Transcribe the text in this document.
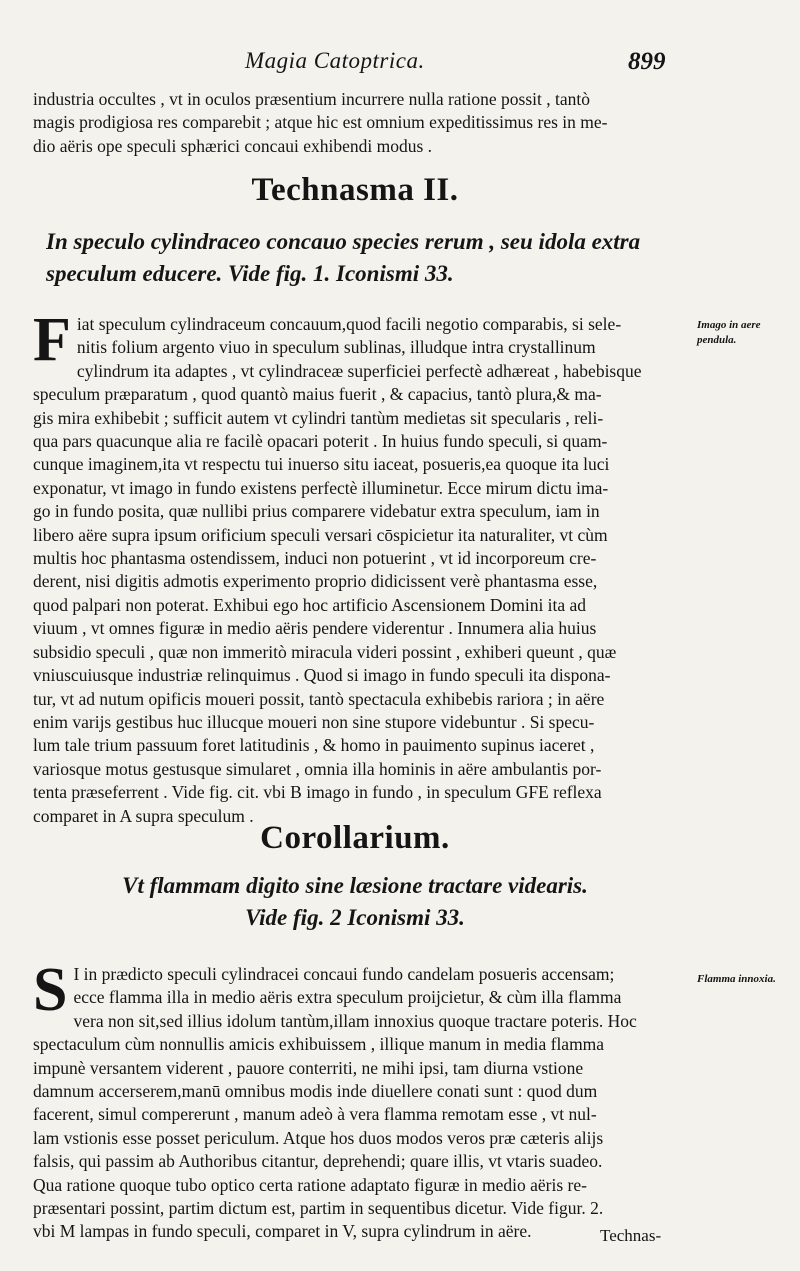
Magia Catoptrica.	899
industria occultes , vt in oculos præsentium incurrere nulla ratione possit , tantò
magis prodigiosa res comparebit ; atque hic est omnium expeditissimus res in me-
dio aëris ope speculi sphærici concaui exhibendi modus .
Technasma II.
In speculo cylindraceo concauo species rerum , seu idola extra
speculum educere. Vide fig. 1. Iconismi 33.
F iat speculum cylindraceum concauum,quod facili negotio comparabis, si sele-
nitis folium argento viuo in speculum sublinas, illudque intra crystallinum
cylindrum ita adaptes , vt cylindraceæ superficiei perfectè adhæreat , habebisque
speculum præparatum , quod quantò maius fuerit , & capacius, tantò plura,& ma-
gis mira exhibebit ; sufficit autem vt cylindri tantùm medietas sit specularis , reli-
qua pars quacunque alia re facilè opacari poterit . In huius fundo speculi, si quam-
cunque imaginem,ita vt respectu tui inuerso situ iaceat, posueris,ea quoque ita luci
exponatur, vt imago in fundo existens perfectè illuminetur. Ecce mirum dictu ima-
go in fundo posita, quæ nullibi prius comparere videbatur extra speculum, iam in
libero aëre supra ipsum orificium speculi versari cōspicietur ita naturaliter, vt cùm
multis hoc phantasma ostendissem, induci non potuerint , vt id incorporeum cre-
derent, nisi digitis admotis experimento proprio didicissent verè phantasma esse,
quod palpari non poterat. Exhibui ego hoc artificio Ascensionem Domini ita ad
viuum , vt omnes figuræ in medio aëris pendere viderentur . Innumera alia huius
subsidio speculi , quæ non immeritò miracula videri possint , exhiberi queunt , quæ
vniuscuiusque industriæ relinquimus . Quod si imago in fundo speculi ita dispona-
tur, vt ad nutum opificis moueri possit, tantò spectacula exhibebis rariora ; in aëre
enim varijs gestibus huc illucque moueri non sine stupore videbuntur . Si specu-
lum tale trium passuum foret latitudinis , & homo in pauimento supinus iaceret ,
variosque motus gestusque simularet , omnia illa hominis in aëre ambulantis por-
tenta præseferrent . Vide fig. cit. vbi B imago in fundo , in speculum GFE reflexa
comparet in A supra speculum .
Imago in aere pendula.
Corollarium.
Vt flammam digito sine læsione tractare videaris.
Vide fig. 2 Iconismi 33.
S I in prædicto speculi cylindracei concaui fundo candelam posueris accensam;
ecce flamma illa in medio aëris extra speculum proijcietur, & cùm illa flamma
vera non sit,sed illius idolum tantùm,illam innoxius quoque tractare poteris. Hoc
spectaculum cùm nonnullis amicis exhibuissem , illique manum in media flamma
impunè versantem viderent , pauore conterriti, ne mihi ipsi, tam diurna vstione
damnum accerserem,manū omnibus modis inde diuellere conati sunt : quod dum
facerent, simul compererunt , manum adeò à vera flamma remotam esse , vt nul-
lam vstionis esse posset periculum. Atque hos duos modos veros præ cæteris alijs
falsis, qui passim ab Authoribus citantur, deprehendi; quare illis, vt vtaris suadeo.
Qua ratione quoque tubo optico certa ratione adaptato figuræ in medio aëris re-
præsentari possint, partim dictum est, partim in sequentibus dicetur. Vide figur. 2.
vbi M lampas in fundo speculi, comparet in V, supra cylindrum in aëre.
Flamma innoxia.
Technas-
